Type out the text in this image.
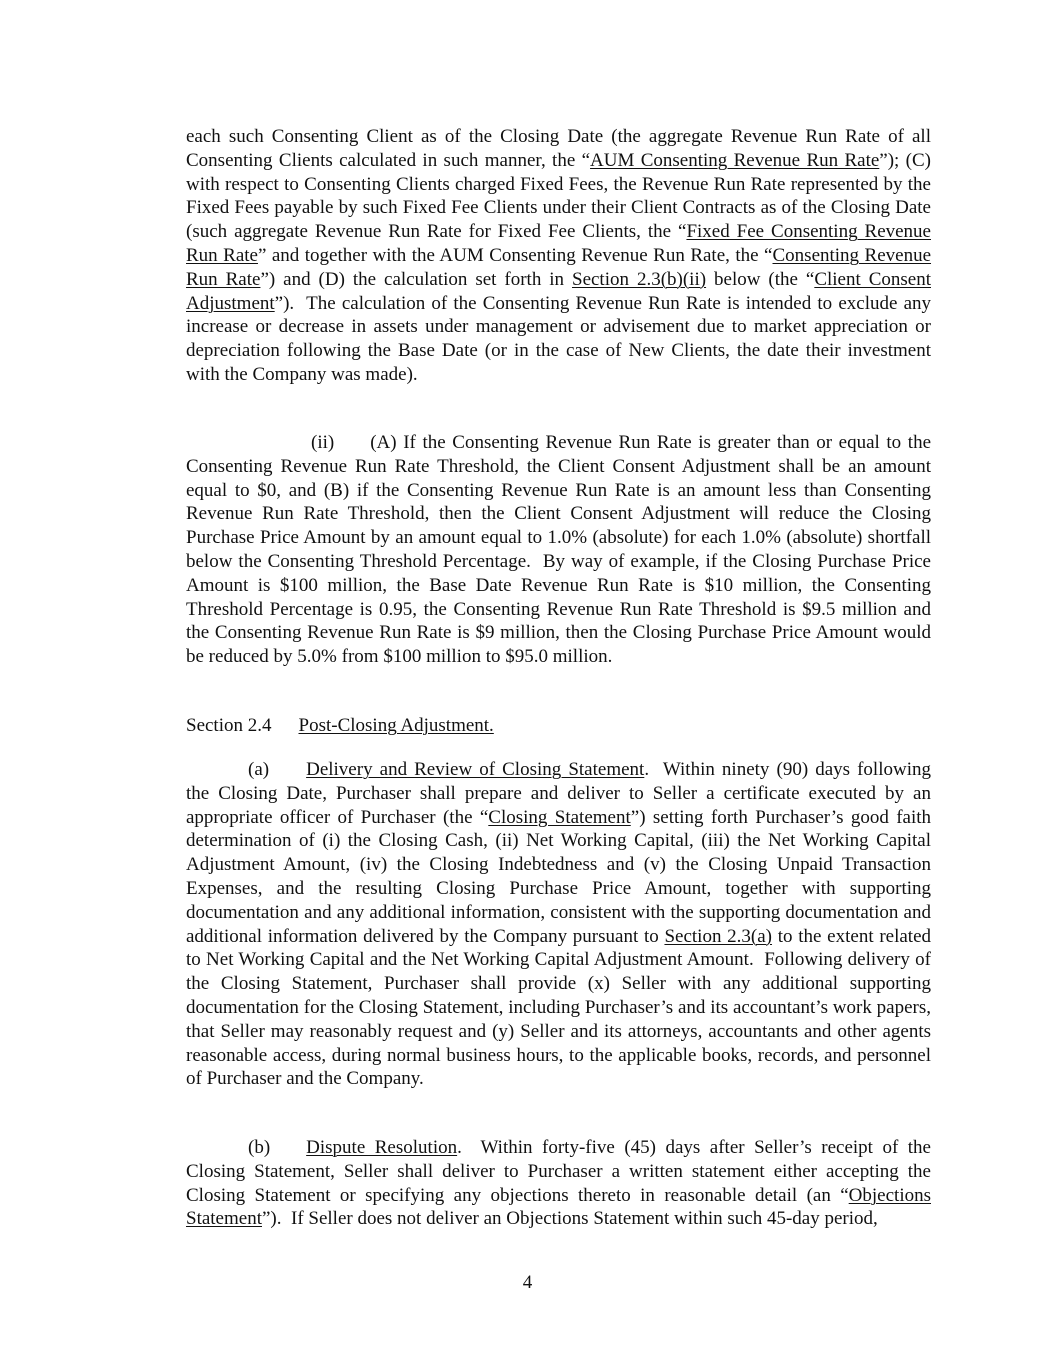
each such Consenting Client as of the Closing Date (the aggregate Revenue Run Rate of all Consenting Clients calculated in such manner, the “AUM Consenting Revenue Run Rate”); (C) with respect to Consenting Clients charged Fixed Fees, the Revenue Run Rate represented by the Fixed Fees payable by such Fixed Fee Clients under their Client Contracts as of the Closing Date (such aggregate Revenue Run Rate for Fixed Fee Clients, the “Fixed Fee Consenting Revenue Run Rate” and together with the AUM Consenting Revenue Run Rate, the “Consenting Revenue Run Rate”) and (D) the calculation set forth in Section 2.3(b)(ii) below (the “Client Consent Adjustment”).  The calculation of the Consenting Revenue Run Rate is intended to exclude any increase or decrease in assets under management or advisement due to market appreciation or depreciation following the Base Date (or in the case of New Clients, the date their investment with the Company was made).
(ii) (A) If the Consenting Revenue Run Rate is greater than or equal to the Consenting Revenue Run Rate Threshold, the Client Consent Adjustment shall be an amount equal to $0, and (B) if the Consenting Revenue Run Rate is an amount less than Consenting Revenue Run Rate Threshold, then the Client Consent Adjustment will reduce the Closing Purchase Price Amount by an amount equal to 1.0% (absolute) for each 1.0% (absolute) shortfall below the Consenting Threshold Percentage.  By way of example, if the Closing Purchase Price Amount is $100 million, the Base Date Revenue Run Rate is $10 million, the Consenting Threshold Percentage is 0.95, the Consenting Revenue Run Rate Threshold is $9.5 million and the Consenting Revenue Run Rate is $9 million, then the Closing Purchase Price Amount would be reduced by 5.0% from $100 million to $95.0 million.
Section 2.4 Post-Closing Adjustment.
(a) Delivery and Review of Closing Statement.  Within ninety (90) days following the Closing Date, Purchaser shall prepare and deliver to Seller a certificate executed by an appropriate officer of Purchaser (the “Closing Statement”) setting forth Purchaser’s good faith determination of (i) the Closing Cash, (ii) Net Working Capital, (iii) the Net Working Capital Adjustment Amount, (iv) the Closing Indebtedness and (v) the Closing Unpaid Transaction Expenses, and the resulting Closing Purchase Price Amount, together with supporting documentation and any additional information, consistent with the supporting documentation and additional information delivered by the Company pursuant to Section 2.3(a) to the extent related to Net Working Capital and the Net Working Capital Adjustment Amount.  Following delivery of the Closing Statement, Purchaser shall provide (x) Seller with any additional supporting documentation for the Closing Statement, including Purchaser’s and its accountant’s work papers, that Seller may reasonably request and (y) Seller and its attorneys, accountants and other agents reasonable access, during normal business hours, to the applicable books, records, and personnel of Purchaser and the Company.
(b) Dispute Resolution.  Within forty-five (45) days after Seller’s receipt of the Closing Statement, Seller shall deliver to Purchaser a written statement either accepting the Closing Statement or specifying any objections thereto in reasonable detail (an “Objections Statement”).  If Seller does not deliver an Objections Statement within such 45-day period,
4
